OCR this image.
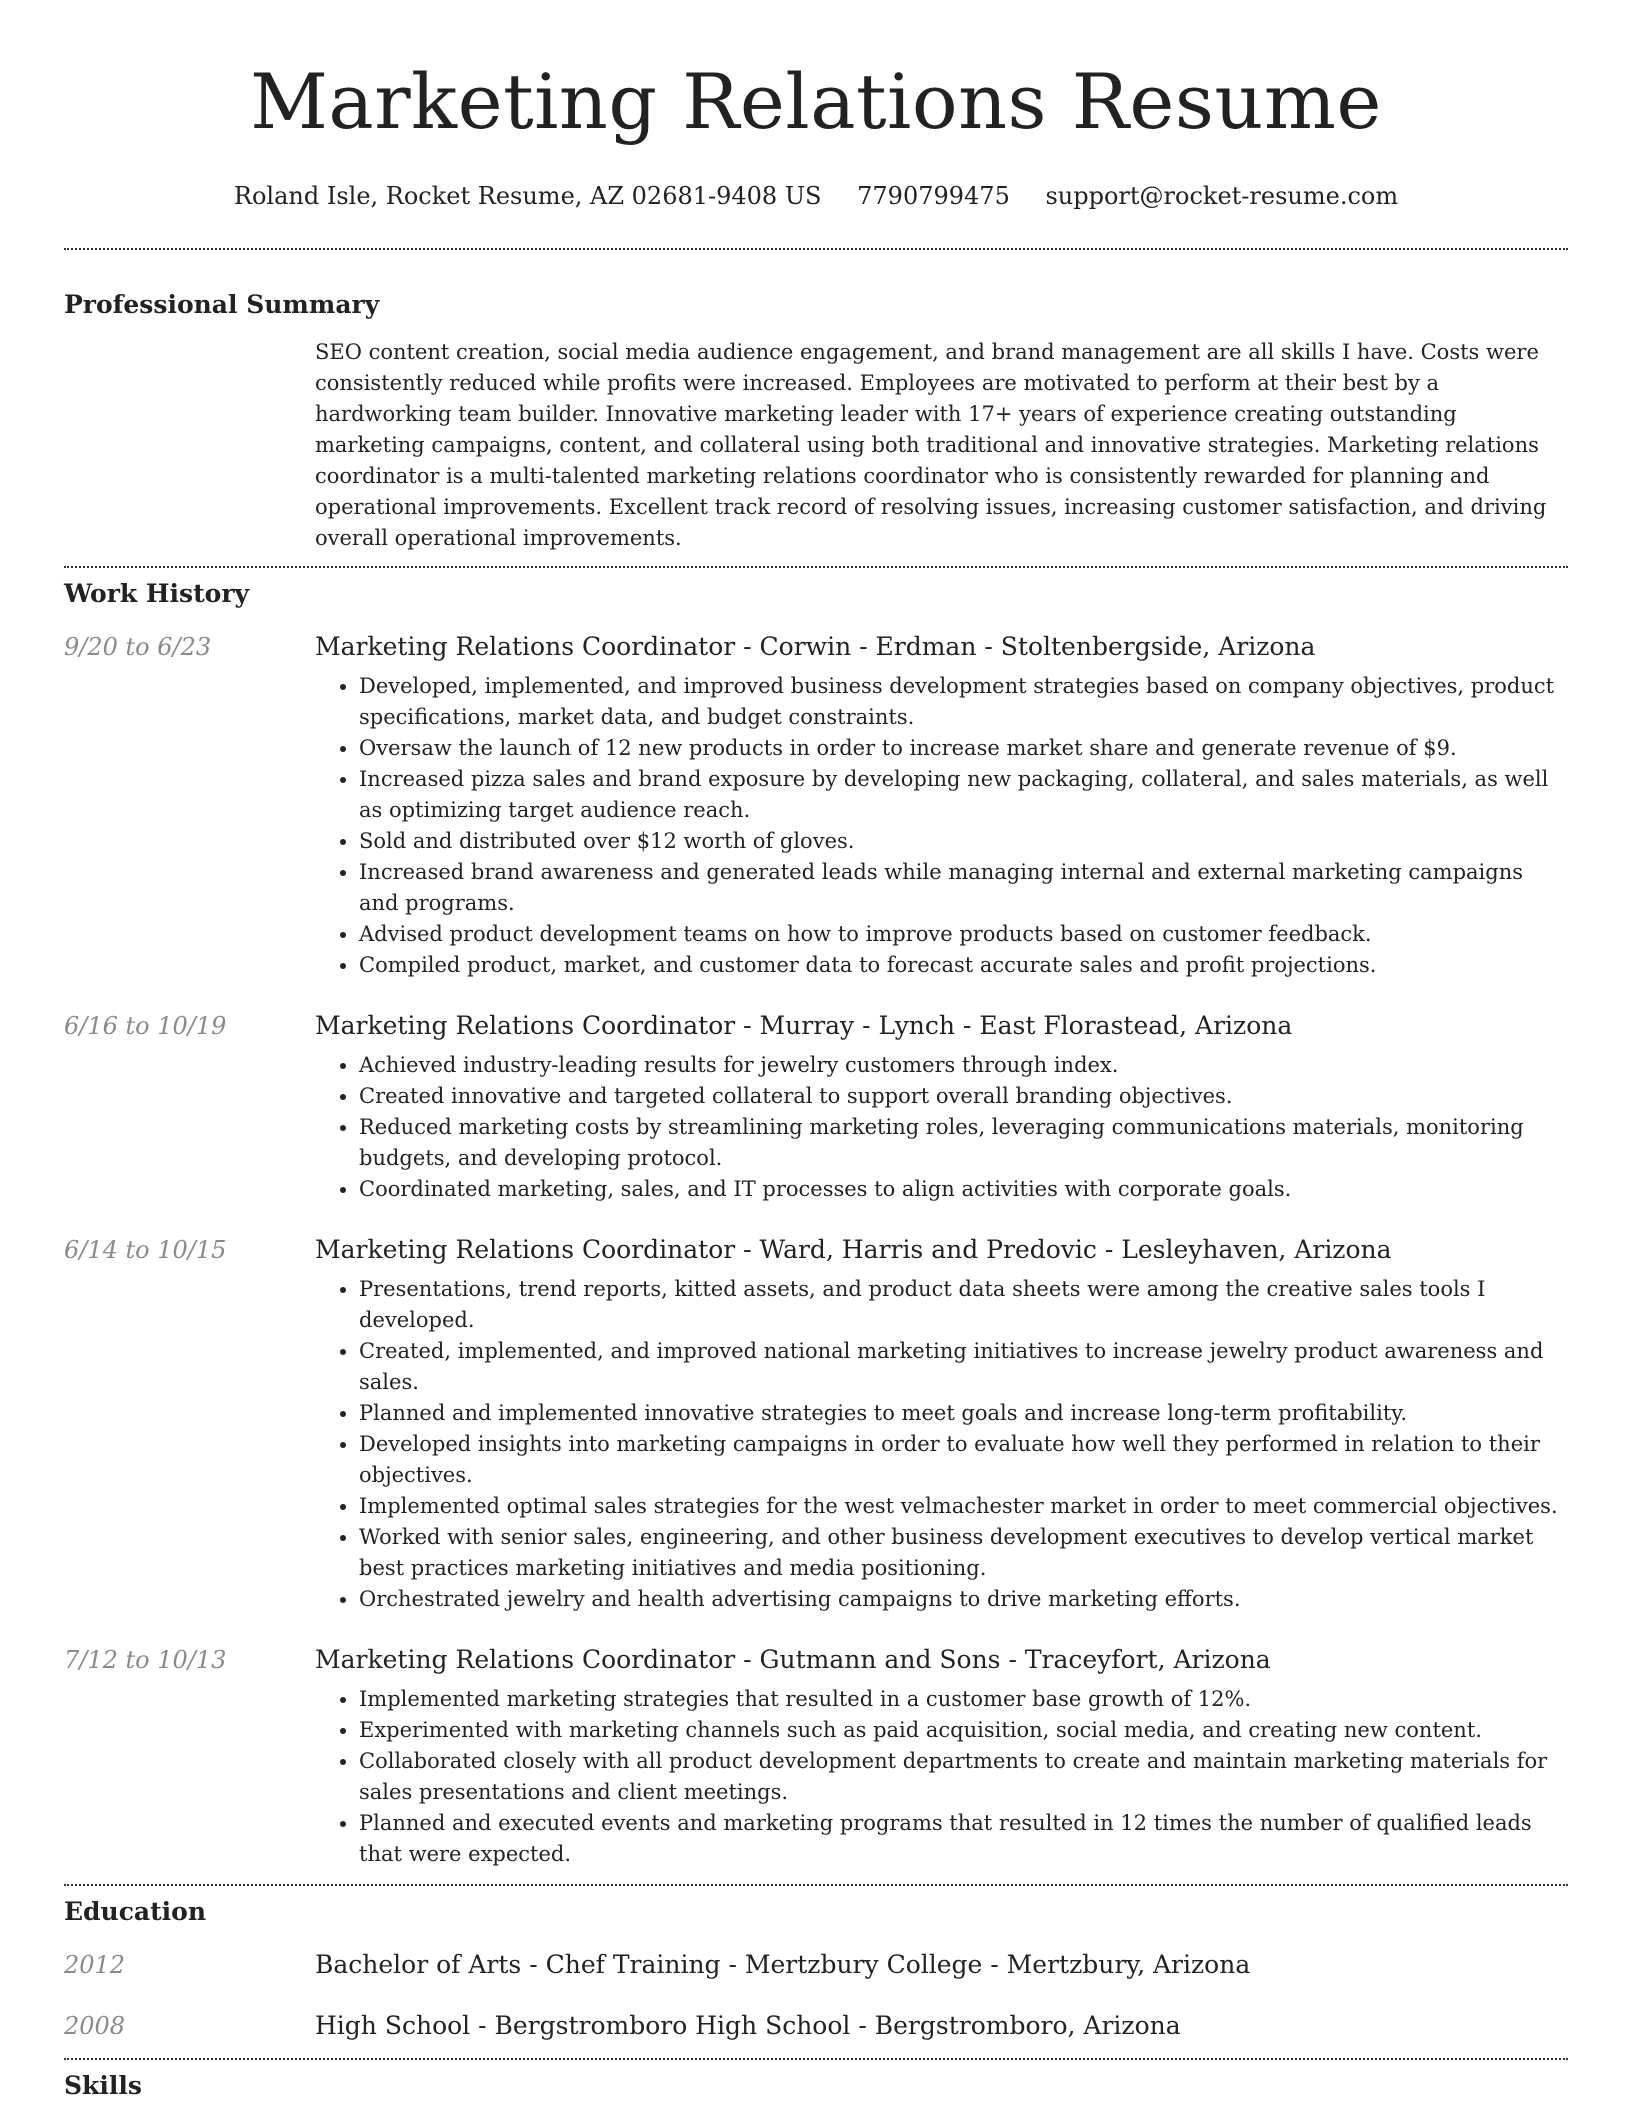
Marketing Relations Resume
Roland Isle, Rocket Resume, AZ 02681-9408 US 7790799475 support@rocket-resume.com
Professional Summary
SEO content creation, social media audience engagement, and brand management are all skills I have. Costs were consistently reduced while profits were increased. Employees are motivated to perform at their best by a hardworking team builder. Innovative marketing leader with 17+ years of experience creating outstanding marketing campaigns, content, and collateral using both traditional and innovative strategies. Marketing relations coordinator is a multi-talented marketing relations coordinator who is consistently rewarded for planning and operational improvements. Excellent track record of resolving issues, increasing customer satisfaction, and driving overall operational improvements.
Work History
9/20 to 6/23	Marketing Relations Coordinator - Corwin - Erdman - Stoltenbergside, Arizona
• Developed, implemented, and improved business development strategies based on company objectives, product specifications, market data, and budget constraints.
• Oversaw the launch of 12 new products in order to increase market share and generate revenue of $9.
• Increased pizza sales and brand exposure by developing new packaging, collateral, and sales materials, as well as optimizing target audience reach.
• Sold and distributed over $12 worth of gloves.
• Increased brand awareness and generated leads while managing internal and external marketing campaigns and programs.
• Advised product development teams on how to improve products based on customer feedback.
• Compiled product, market, and customer data to forecast accurate sales and profit projections.
6/16 to 10/19	Marketing Relations Coordinator - Murray - Lynch - East Florastead, Arizona
• Achieved industry-leading results for jewelry customers through index.
• Created innovative and targeted collateral to support overall branding objectives.
• Reduced marketing costs by streamlining marketing roles, leveraging communications materials, monitoring budgets, and developing protocol.
• Coordinated marketing, sales, and IT processes to align activities with corporate goals.
6/14 to 10/15	Marketing Relations Coordinator - Ward, Harris and Predovic - Lesleyhaven, Arizona
• Presentations, trend reports, kitted assets, and product data sheets were among the creative sales tools I developed.
• Created, implemented, and improved national marketing initiatives to increase jewelry product awareness and sales.
• Planned and implemented innovative strategies to meet goals and increase long-term profitability.
• Developed insights into marketing campaigns in order to evaluate how well they performed in relation to their objectives.
• Implemented optimal sales strategies for the west velmachester market in order to meet commercial objectives.
• Worked with senior sales, engineering, and other business development executives to develop vertical market best practices marketing initiatives and media positioning.
• Orchestrated jewelry and health advertising campaigns to drive marketing efforts.
7/12 to 10/13	Marketing Relations Coordinator - Gutmann and Sons - Traceyfort, Arizona
• Implemented marketing strategies that resulted in a customer base growth of 12%.
• Experimented with marketing channels such as paid acquisition, social media, and creating new content.
• Collaborated closely with all product development departments to create and maintain marketing materials for sales presentations and client meetings.
• Planned and executed events and marketing programs that resulted in 12 times the number of qualified leads that were expected.
Education
2012	Bachelor of Arts - Chef Training - Mertzbury College - Mertzbury, Arizona
2008	High School - Bergstromboro High School - Bergstromboro, Arizona
Skills
